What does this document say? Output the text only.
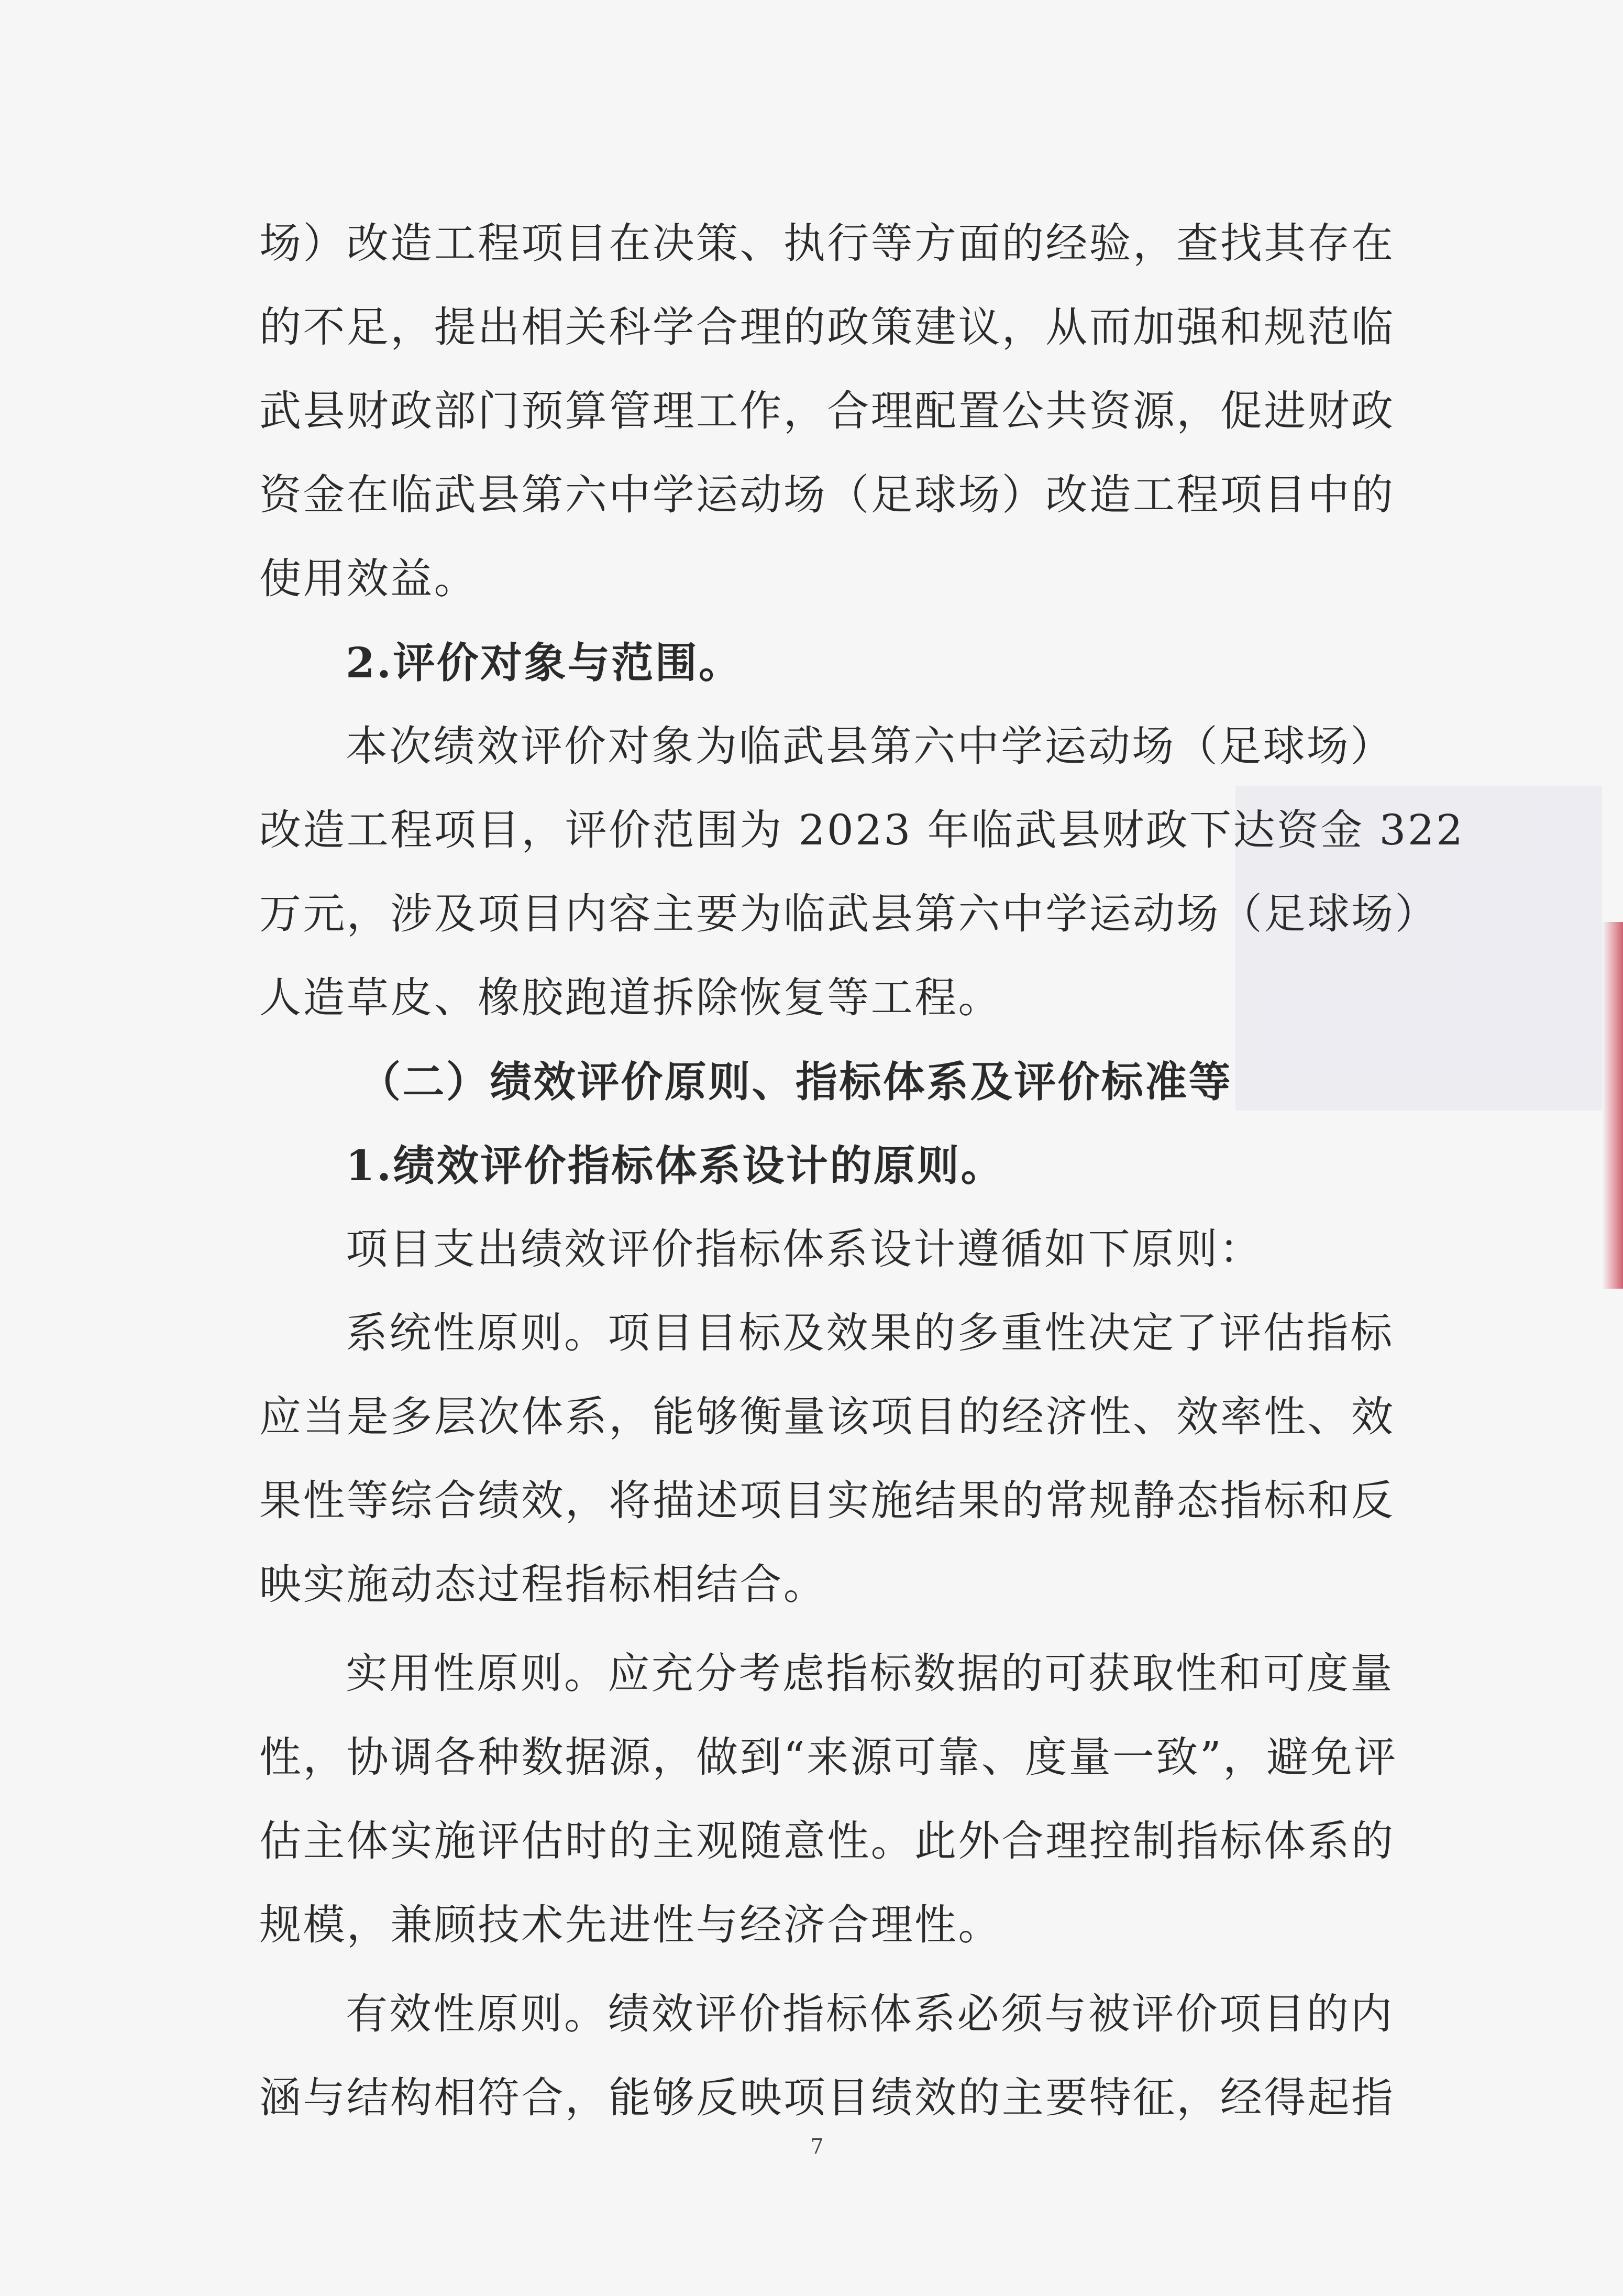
场）改造工程项目在决策、执行等方面的经验，查找其存在
的不足，提出相关科学合理的政策建议，从而加强和规范临
武县财政部门预算管理工作，合理配置公共资源，促进财政
资金在临武县第六中学运动场（足球场）改造工程项目中的
使用效益。
2.评价对象与范围。
本次绩效评价对象为临武县第六中学运动场（足球场）
改造工程项目，评价范围为 2023 年临武县财政下达资金 322
万元，涉及项目内容主要为临武县第六中学运动场（足球场）
人造草皮、橡胶跑道拆除恢复等工程。
（二）绩效评价原则、指标体系及评价标准等
1.绩效评价指标体系设计的原则。
项目支出绩效评价指标体系设计遵循如下原则：
系统性原则。项目目标及效果的多重性决定了评估指标
应当是多层次体系，能够衡量该项目的经济性、效率性、效
果性等综合绩效，将描述项目实施结果的常规静态指标和反
映实施动态过程指标相结合。
实用性原则。应充分考虑指标数据的可获取性和可度量
性，协调各种数据源，做到“来源可靠、度量一致”，避免评
估主体实施评估时的主观随意性。此外合理控制指标体系的
规模，兼顾技术先进性与经济合理性。
有效性原则。绩效评价指标体系必须与被评价项目的内
涵与结构相符合，能够反映项目绩效的主要特征，经得起指
7
